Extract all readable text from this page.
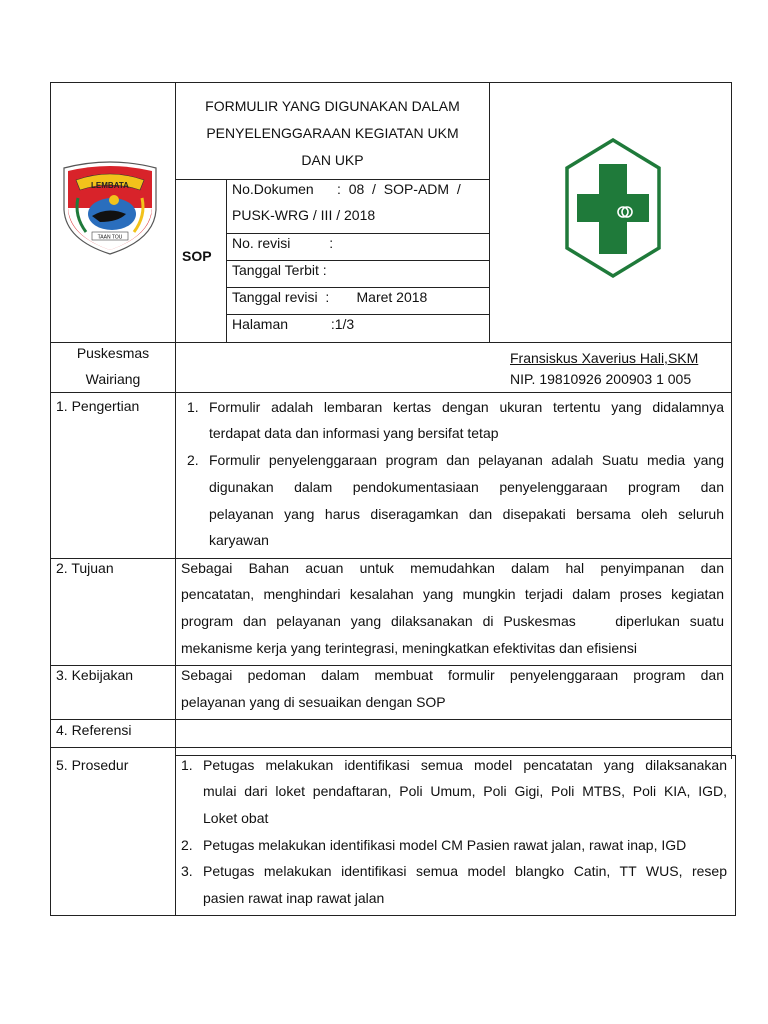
LEMBATA
TAAN TOU
FORMULIR YANG DIGUNAKAN DALAM
PENYELENGGARAAN KEGIATAN UKM
DAN UKP
SOP
No.Dokumen      :  08  /  SOP-ADM  /
PUSK-WRG / III / 2018
No. revisi          :
Tanggal Terbit :
Tanggal revisi  :       Maret 2018
Halaman           :1/3
Puskesmas
Wairiang
Fransiskus Xaverius Hali,SKM
NIP. 19810926 200903 1 005
1. Pengertian	1. Formulir adalah lembaran kertas dengan ukuran tertentu yang didalamnya
terdapat data dan informasi yang bersifat tetap
2. Formulir penyelenggaraan program dan pelayanan adalah Suatu media yang
digunakan dalam pendokumentasiaan penyelenggaraan program dan
pelayanan yang harus diseragamkan dan disepakati bersama oleh seluruh
karyawan
2. Tujuan	Sebagai Bahan acuan untuk memudahkan dalam hal penyimpanan dan
pencatatan, menghindari kesalahan yang mungkin terjadi dalam proses kegiatan
program dan pelayanan yang dilaksanakan di Puskesmas    diperlukan suatu
mekanisme kerja yang terintegrasi, meningkatkan efektivitas dan efisiensi
3. Kebijakan	Sebagai pedoman dalam membuat formulir penyelenggaraan program dan
pelayanan yang di sesuaikan dengan SOP
4. Referensi
5. Prosedur	1. Petugas melakukan identifikasi semua model pencatatan yang dilaksanakan
mulai dari loket pendaftaran, Poli Umum, Poli Gigi, Poli MTBS, Poli KIA, IGD,
Loket obat
2. Petugas melakukan identifikasi model CM Pasien rawat jalan, rawat inap, IGD
3. Petugas melakukan identifikasi semua model blangko Catin, TT WUS, resep
pasien rawat inap rawat jalan
